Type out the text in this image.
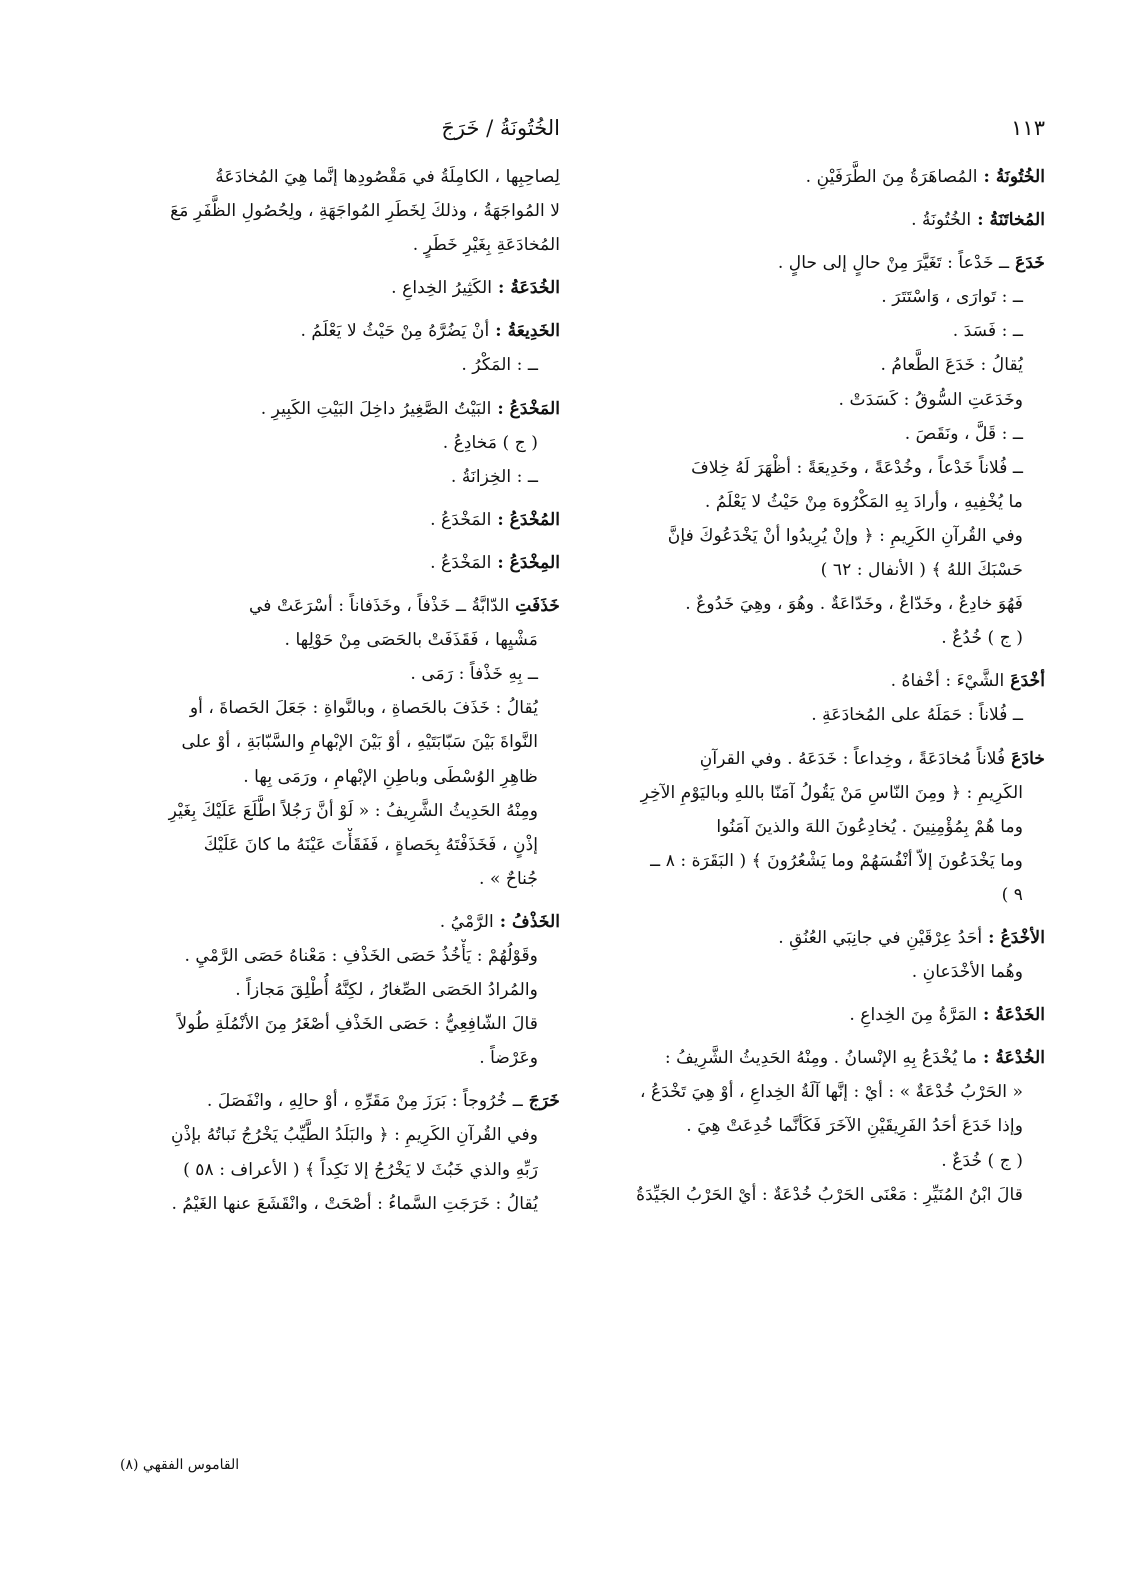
١١٣
الخُتُونَةُ / خَرَجَ
الخُتُونَةُ : المُصاهَرَةُ مِنَ الطَّرَفَيْنِ .
المُخاتَنَةُ : الخُتُونَةُ .
خَدَعَ ــ خَدْعاً : تَغَيَّرَ مِنْ حالٍ إلى حالٍ .
ــ : تَوارَى ، وَاسْتَتَرَ .
ــ : فَسَدَ .
يُقالُ : خَدَعَ الطَّعامُ .
وخَدَعَتِ السُّوقُ : كَسَدَتْ .
ــ : قَلَّ ، ونَقَصَ .
ــ فُلاناً خَدْعاً ، وخُدْعَةً ، وخَدِيعَةً : أظْهَرَ لَهُ خِلافَ
ما يُخْفِيهِ ، وأرادَ بِهِ المَكْرُوهَ مِنْ حَيْثُ لا يَعْلَمُ .
وفي القُرآنِ الكَرِيمِ : ﴿ وإنْ يُرِيدُوا أنْ يَخْدَعُوكَ فإنَّ
حَسْبَكَ اللهُ ﴾ ( الأنفال : ٦٢ )
فَهُوَ خادِعٌ ، وخَدّاعٌ ، وخَدّاعَةٌ . وهُوَ ، وهِيَ خَدُوعٌ .
( ج ) خُدُعٌ .
أخْدَعَ الشَّيْءَ : أخْفاهُ .
ــ فُلاناً : حَمَلَهُ على المُخادَعَةِ .
خادَعَ فُلاناً مُخادَعَةً ، وخِداعاً : خَدَعَهُ . وفي القرآنِ
الكَرِيمِ : ﴿ ومِنَ النّاسِ مَنْ يَقُولُ آمَنّا باللهِ وباليَوْمِ الآخِرِ
وما هُمْ بِمُؤْمِنِينَ . يُخادِعُونَ اللهَ والذينَ آمَنُوا
وما يَخْدَعُونَ إلاّ أنْفُسَهُمْ وما يَشْعُرُونَ ﴾ ( البَقَرَة : ٨ ــ
٩ )
الأخْدَعُ : أحَدُ عِرْقَيْنِ في جانِبَي العُنُقِ .
وهُما الأخْدَعانِ .
الخَدْعَةُ : المَرَّةُ مِنَ الخِداعِ .
الخُدْعَةُ : ما يُخْدَعُ بِهِ الإنْسانُ . ومِنْهُ الحَدِيثُ الشَّرِيفُ :
« الحَرْبُ خُدْعَةٌ » : أيْ : إنَّها آلَةُ الخِداعِ ، أوْ هِيَ تَخْدَعُ ،
وإذا خَدَعَ أحَدُ الفَرِيقَيْنِ الآخَرَ فَكَأنَّما خُدِعَتْ هِيَ .
( ج ) خُدَعٌ .
قالَ ابْنُ المُنَيِّرِ : مَعْنَى الحَرْبُ خُدْعَةٌ : أيْ الحَرْبُ الجَيِّدَةُ
لِصاحِبِها ، الكامِلَةُ في مَقْصُودِها إنَّما هِيَ المُخادَعَةُ
لا المُواجَهَةُ ، وذلكَ لِخَطَرِ المُواجَهَةِ ، ولِحُصُولِ الظَّفَرِ مَعَ
المُخادَعَةِ بِغَيْرِ خَطَرٍ .
الخُدَعَةُ : الكَثِيرُ الخِداعِ .
الخَدِيعَةُ : أنْ يَضُرَّهُ مِنْ حَيْثُ لا يَعْلَمُ .
ــ : المَكْرُ .
المَخْدَعُ : البَيْتُ الصَّغِيرُ داخِلَ البَيْتِ الكَبِيرِ .
( ج ) مَخادِعُ .
ــ : الخِزانَةُ .
المُخْدَعُ : المَخْدَعُ .
المِخْدَعُ : المَخْدَعُ .
خَذَفَتِ الدّابَّةُ ــ خَذْفاً ، وخَذَفاناً : أسْرَعَتْ في
مَشْيِها ، فَقَذَفَتْ بالحَصَى مِنْ حَوْلِها .
ــ بِهِ خَذْفاً : رَمَى .
يُقالُ : خَذَفَ بالحَصاةِ ، وبالنَّواةِ : جَعَلَ الحَصاةَ ، أو
النَّواةَ بَيْنَ سَبّابَتَيْهِ ، أوْ بَيْنَ الإبْهامِ والسَّبّابَةِ ، أوْ على
ظاهِرِ الوُسْطَى وباطِنِ الإبْهامِ ، ورَمَى بِها .
ومِنْهُ الحَدِيثُ الشَّرِيفُ : « لَوْ أنَّ رَجُلاً اطَّلَعَ عَلَيْكَ بِغَيْرِ
إذْنٍ ، فَخَذَفْتَهُ بِحَصاةٍ ، فَفَقَأْتَ عَيْنَهُ ما كانَ عَلَيْكَ
جُناحٌ » .
الخَذْفُ : الرَّمْيُ .
وقَوْلُهُمْ : يَأْخُذُ حَصَى الخَذْفِ : مَعْناهُ حَصَى الرَّمْيِ .
والمُرادُ الحَصَى الصِّغارُ ، لكِنَّهُ أُطْلِقَ مَجازاً .
قالَ الشّافِعِيُّ : حَصَى الخَذْفِ أصْغَرُ مِنَ الأنْمُلَةِ طُولاً
وعَرْضاً .
خَرَجَ ــ خُرُوجاً : بَرَزَ مِنْ مَقَرِّهِ ، أوْ حالِهِ ، وانْفَصَلَ .
وفي القُرآنِ الكَرِيمِ : ﴿ والبَلَدُ الطَّيِّبُ يَخْرُجُ نَباتُهُ بإذْنِ
رَبِّهِ والذي خَبُثَ لا يَخْرُجُ إلا نَكِداً ﴾ ( الأعراف : ٥٨ )
يُقالُ : خَرَجَتِ السَّماءُ : أصْحَتْ ، وانْقَشَعَ عنها الغَيْمُ .
القاموس الفقهي (٨)
